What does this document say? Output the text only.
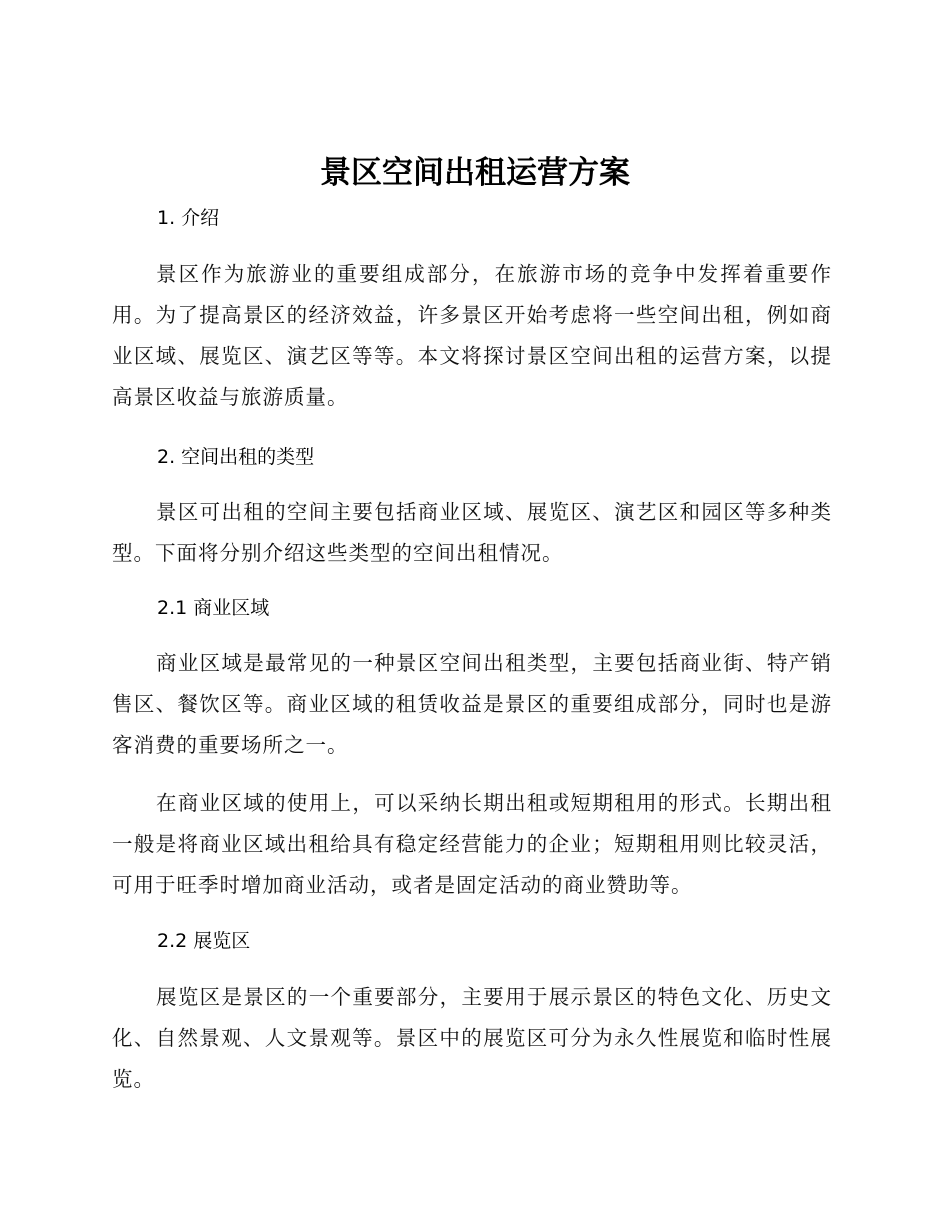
景区空间出租运营方案
1. 介绍

景区作为旅游业的重要组成部分，在旅游市场的竞争中发挥着重要作用。为了提高景区的经济效益，许多景区开始考虑将一些空间出租，例如商业区域、展览区、演艺区等等。本文将探讨景区空间出租的运营方案，以提高景区收益与旅游质量。

2. 空间出租的类型

景区可出租的空间主要包括商业区域、展览区、演艺区和园区等多种类型。下面将分别介绍这些类型的空间出租情况。

2.1 商业区域

商业区域是最常见的一种景区空间出租类型，主要包括商业街、特产销售区、餐饮区等。商业区域的租赁收益是景区的重要组成部分，同时也是游客消费的重要场所之一。

在商业区域的使用上，可以采纳长期出租或短期租用的形式。长期出租一般是将商业区域出租给具有稳定经营能力的企业；短期租用则比较灵活，可用于旺季时增加商业活动，或者是固定活动的商业赞助等。

2.2 展览区

展览区是景区的一个重要部分，主要用于展示景区的特色文化、历史文化、自然景观、人文景观等。景区中的展览区可分为永久性展览和临时性展览。
